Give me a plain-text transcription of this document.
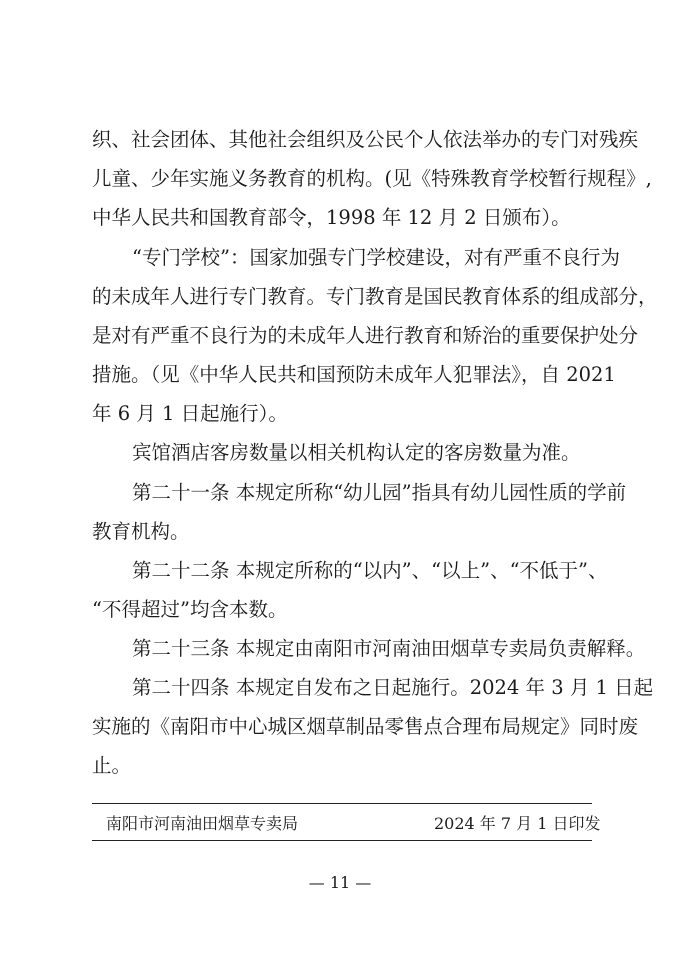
织、社会团体、其他社会组织及公民个人依法举办的专门对残疾
儿童、少年实施义务教育的机构。(见《特殊教育学校暂行规程》,
中华人民共和国教育部令，1998 年 12 月 2 日颁布）。
“专门学校”：国家加强专门学校建设，对有严重不良行为
的未成年人进行专门教育。专门教育是国民教育体系的组成部分，
是对有严重不良行为的未成年人进行教育和矫治的重要保护处分
措施。（见《中华人民共和国预防未成年人犯罪法》，自 2021
年 6 月 1 日起施行）。
宾馆酒店客房数量以相关机构认定的客房数量为准。
第二十一条 本规定所称“幼儿园”指具有幼儿园性质的学前
教育机构。
第二十二条 本规定所称的“以内”、“以上”、“不低于”、
“不得超过”均含本数。
第二十三条 本规定由南阳市河南油田烟草专卖局负责解释。
第二十四条 本规定自发布之日起施行。2024 年 3 月 1 日起
实施的《南阳市中心城区烟草制品零售点合理布局规定》同时废
止。
南阳市河南油田烟草专卖局	2024 年 7 月 1 日印发
— 11 —
